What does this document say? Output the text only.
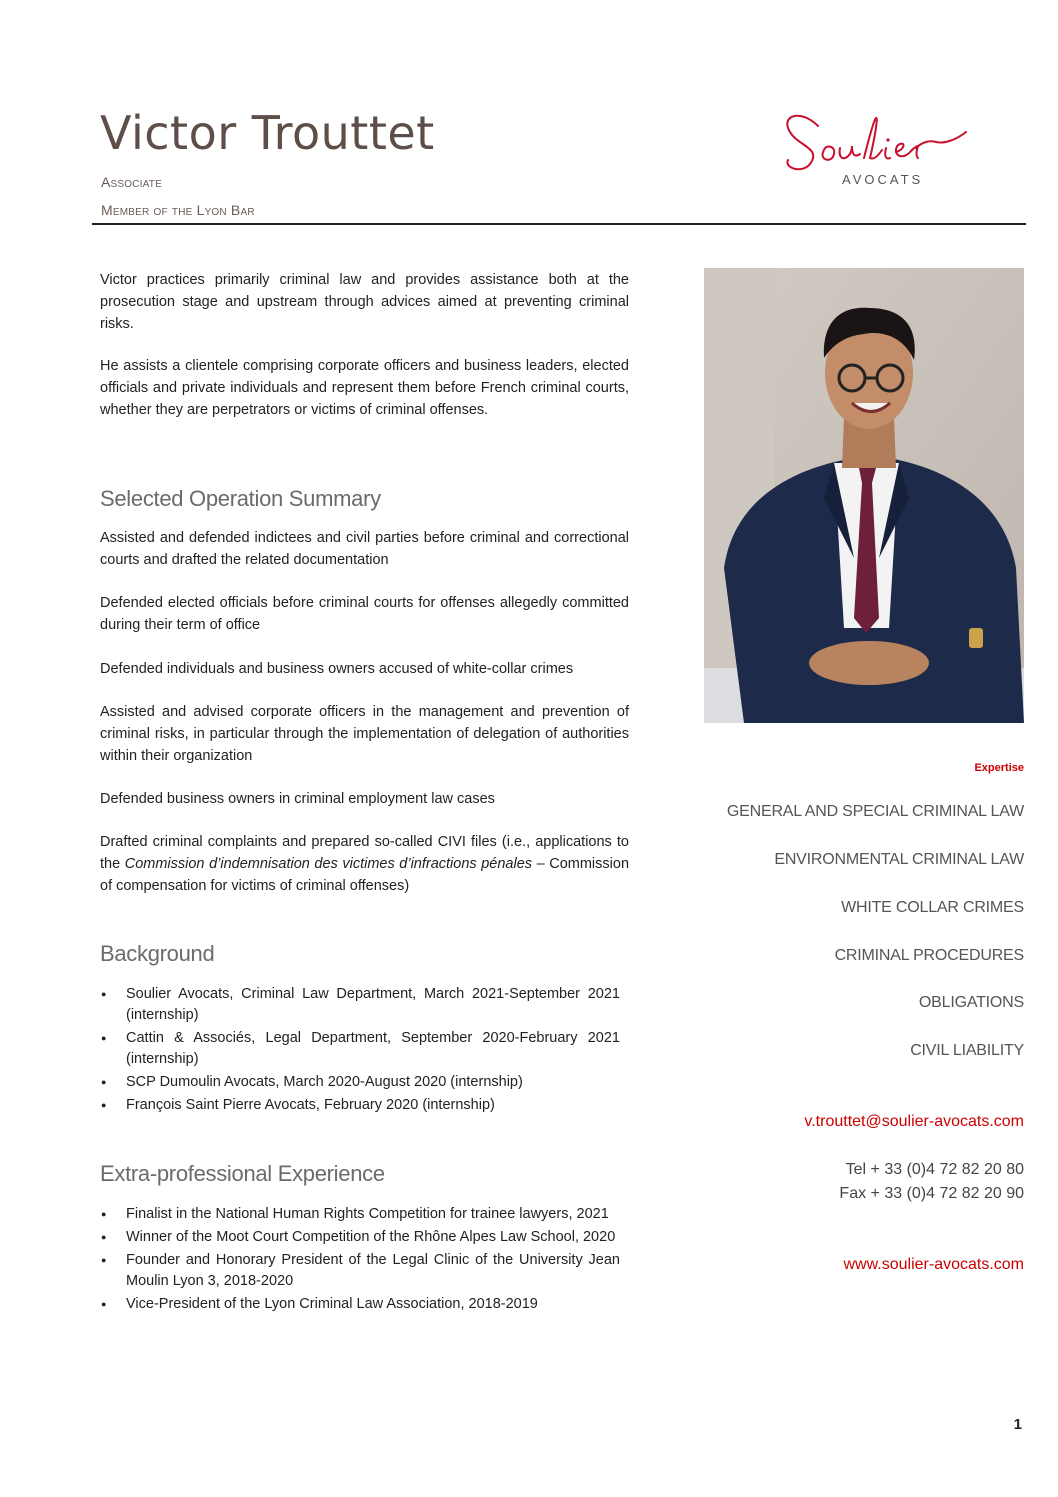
Victor Trouttet
Associate
Member of the Lyon Bar
AVOCATS
Victor practices primarily criminal law and provides assistance both at the prosecution stage and upstream through advices aimed at preventing criminal risks.
He assists a clientele comprising corporate officers and business leaders, elected officials and private individuals and represent them before French criminal courts, whether they are perpetrators or victims of criminal offenses.
Selected Operation Summary
Assisted and defended indictees and civil parties before criminal and correctional courts and drafted the related documentation
Defended elected officials before criminal courts for offenses allegedly committed during their term of office
Defended individuals and business owners accused of white-collar crimes
Assisted and advised corporate officers in the management and prevention of criminal risks, in particular through the implementation of delegation of authorities within their organization
Defended business owners in criminal employment law cases
Drafted criminal complaints and prepared so-called CIVI files (i.e., applications to the Commission d’indemnisation des victimes d’infractions pénales – Commission of compensation for victims of criminal offenses)
Background
● Soulier Avocats, Criminal Law Department, March 2021-September 2021 (internship)
● Cattin & Associés, Legal Department, September 2020-February 2021 (internship)
● SCP Dumoulin Avocats, March 2020-August 2020 (internship)
● François Saint Pierre Avocats, February 2020 (internship)
Extra-professional Experience
● Finalist in the National Human Rights Competition for trainee lawyers, 2021
● Winner of the Moot Court Competition of the Rhône Alpes Law School, 2020
● Founder and Honorary President of the Legal Clinic of the University Jean Moulin Lyon 3, 2018-2020
● Vice-President of the Lyon Criminal Law Association, 2018-2019
Expertise
GENERAL AND SPECIAL CRIMINAL LAW
ENVIRONMENTAL CRIMINAL LAW
WHITE COLLAR CRIMES
CRIMINAL PROCEDURES
OBLIGATIONS
CIVIL LIABILITY
v.trouttet@soulier-avocats.com
Tel + 33 (0)4 72 82 20 80
Fax + 33 (0)4 72 82 20 90
www.soulier-avocats.com
1
